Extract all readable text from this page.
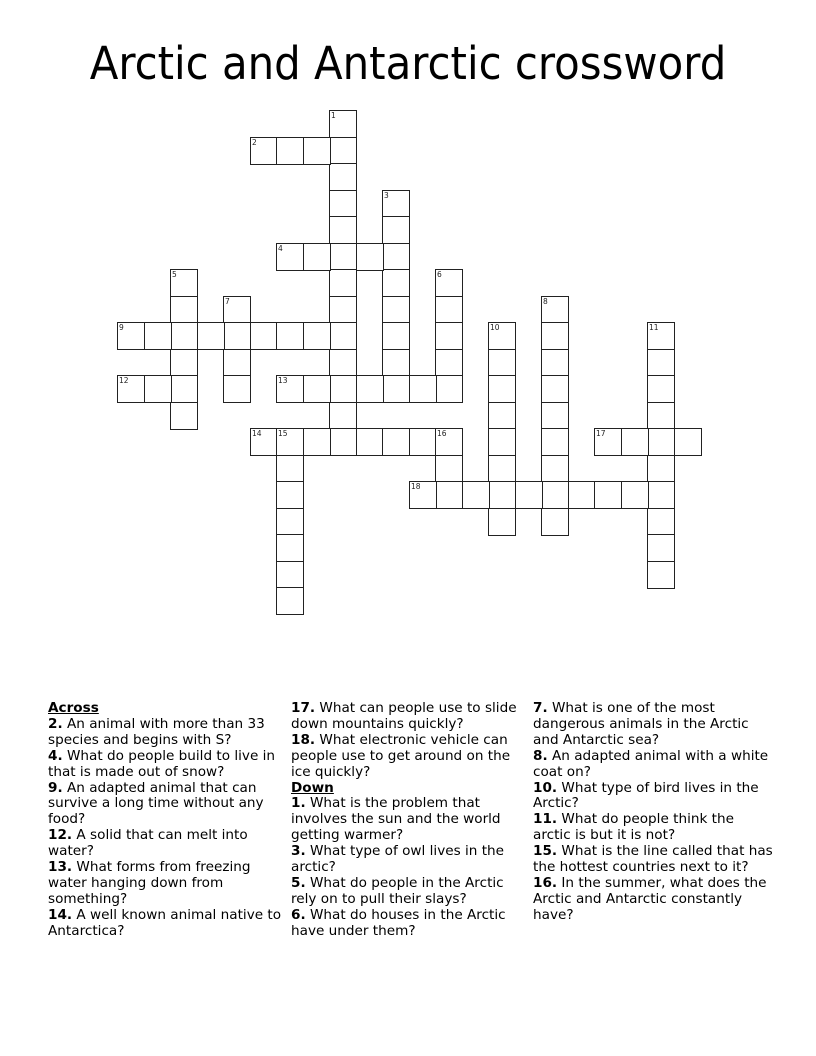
Arctic and Antarctic crossword
1
2
3
4
5	6
7	8
9	10	11
12	13
14 15	16	17
18
Across
2. An animal with more than 33 species and begins with S?
4. What do people build to live in that is made out of snow?
9. An adapted animal that can survive a long time without any food?
12. A solid that can melt into water?
13. What forms from freezing water hanging down from something?
14. A well known animal native to Antarctica?
17. What can people use to slide down mountains quickly?
18. What electronic vehicle can people use to get around on the ice quickly?
Down
1. What is the problem that involves the sun and the world getting warmer?
3. What type of owl lives in the arctic?
5. What do people in the Arctic rely on to pull their slays?
6. What do houses in the Arctic have under them?
7. What is one of the most dangerous animals in the Arctic and Antarctic sea?
8. An adapted animal with a white coat on?
10. What type of bird lives in the Arctic?
11. What do people think the arctic is but it is not?
15. What is the line called that has the hottest countries next to it?
16. In the summer, what does the Arctic and Antarctic constantly have?
